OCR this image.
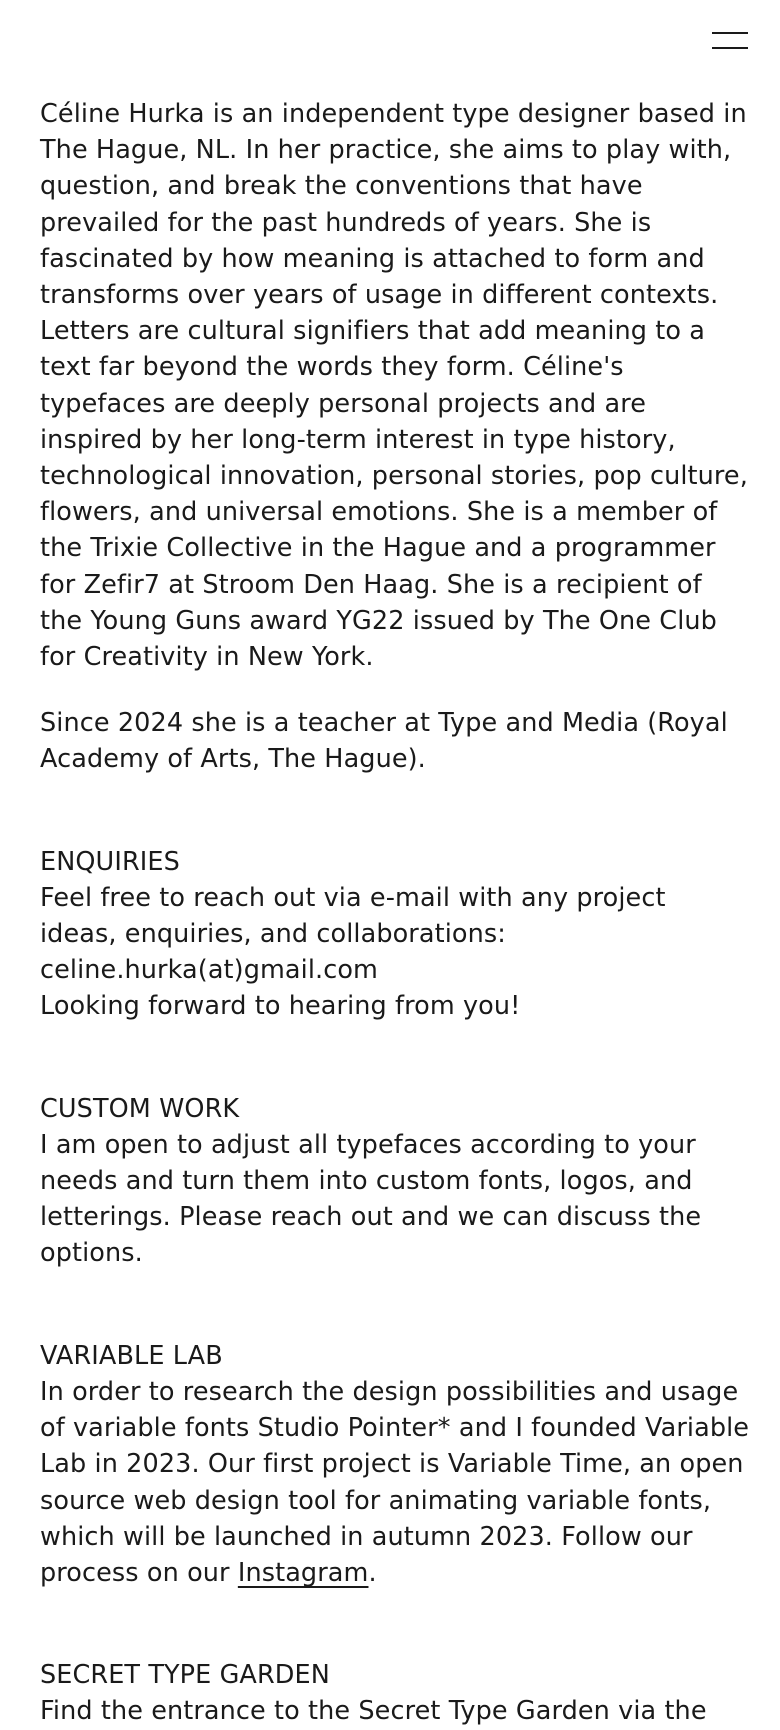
Céline Hurka is an independent type designer based in The Hague, NL. In her practice, she aims to play with, question, and break the conventions that have prevailed for the past hundreds of years. She is fascinated by how meaning is attached to form and transforms over years of usage in different contexts. Letters are cultural signifiers that add meaning to a text far beyond the words they form. Céline's typefaces are deeply personal projects and are inspired by her long-term interest in type history, technological innovation, personal stories, pop culture, flowers, and universal emotions. She is a member of the Trixie Collective in the Hague and a programmer for Zefir7 at Stroom Den Haag. She is a recipient of the Young Guns award YG22 issued by The One Club for Creativity in New York.

Since 2024 she is a teacher at Type and Media (Royal Academy of Arts, The Hague).

ENQUIRIES
Feel free to reach out via e-mail with any project ideas, enquiries, and collaborations:
celine.hurka(at)gmail.com
Looking forward to hearing from you!
CUSTOM WORK
I am open to adjust all typefaces according to your needs and turn them into custom fonts, logos, and letterings. Please reach out and we can discuss the options.
VARIABLE LAB

In order to research the design possibilities and usage of variable fonts Studio Pointer* and I founded Variable Lab in 2023. Our first project is Variable Time, an open source web design tool for animating variable fonts, which will be launched in autumn 2023. Follow our process on our Instagram.

SECRET TYPE GARDEN
Find the entrance to the Secret Type Garden via the
